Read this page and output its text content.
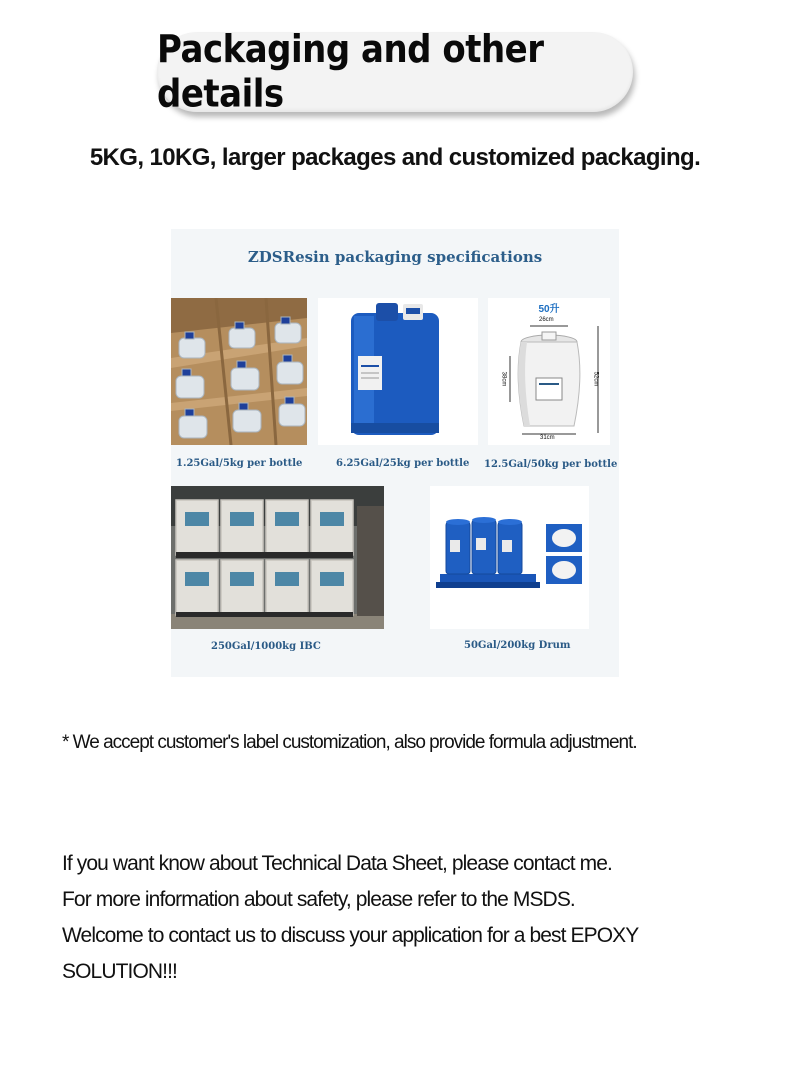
Packaging and other details
5KG, 10KG, larger packages and customized packaging.
ZDSResin packaging specifications
1.25Gal/5kg per bottle	6.25Gal/25kg per bottle
50升
26cm
38cm	52cm
31cm
12.5Gal/50kg per bottle
250Gal/1000kg IBC	50Gal/200kg Drum
* We accept customer's label customization, also provide formula adjustment.
If you want know about Technical Data Sheet, please contact me.
For more information about safety, please refer to the MSDS.
Welcome to contact us to discuss your application for a best EPOXY
SOLUTION!!!
